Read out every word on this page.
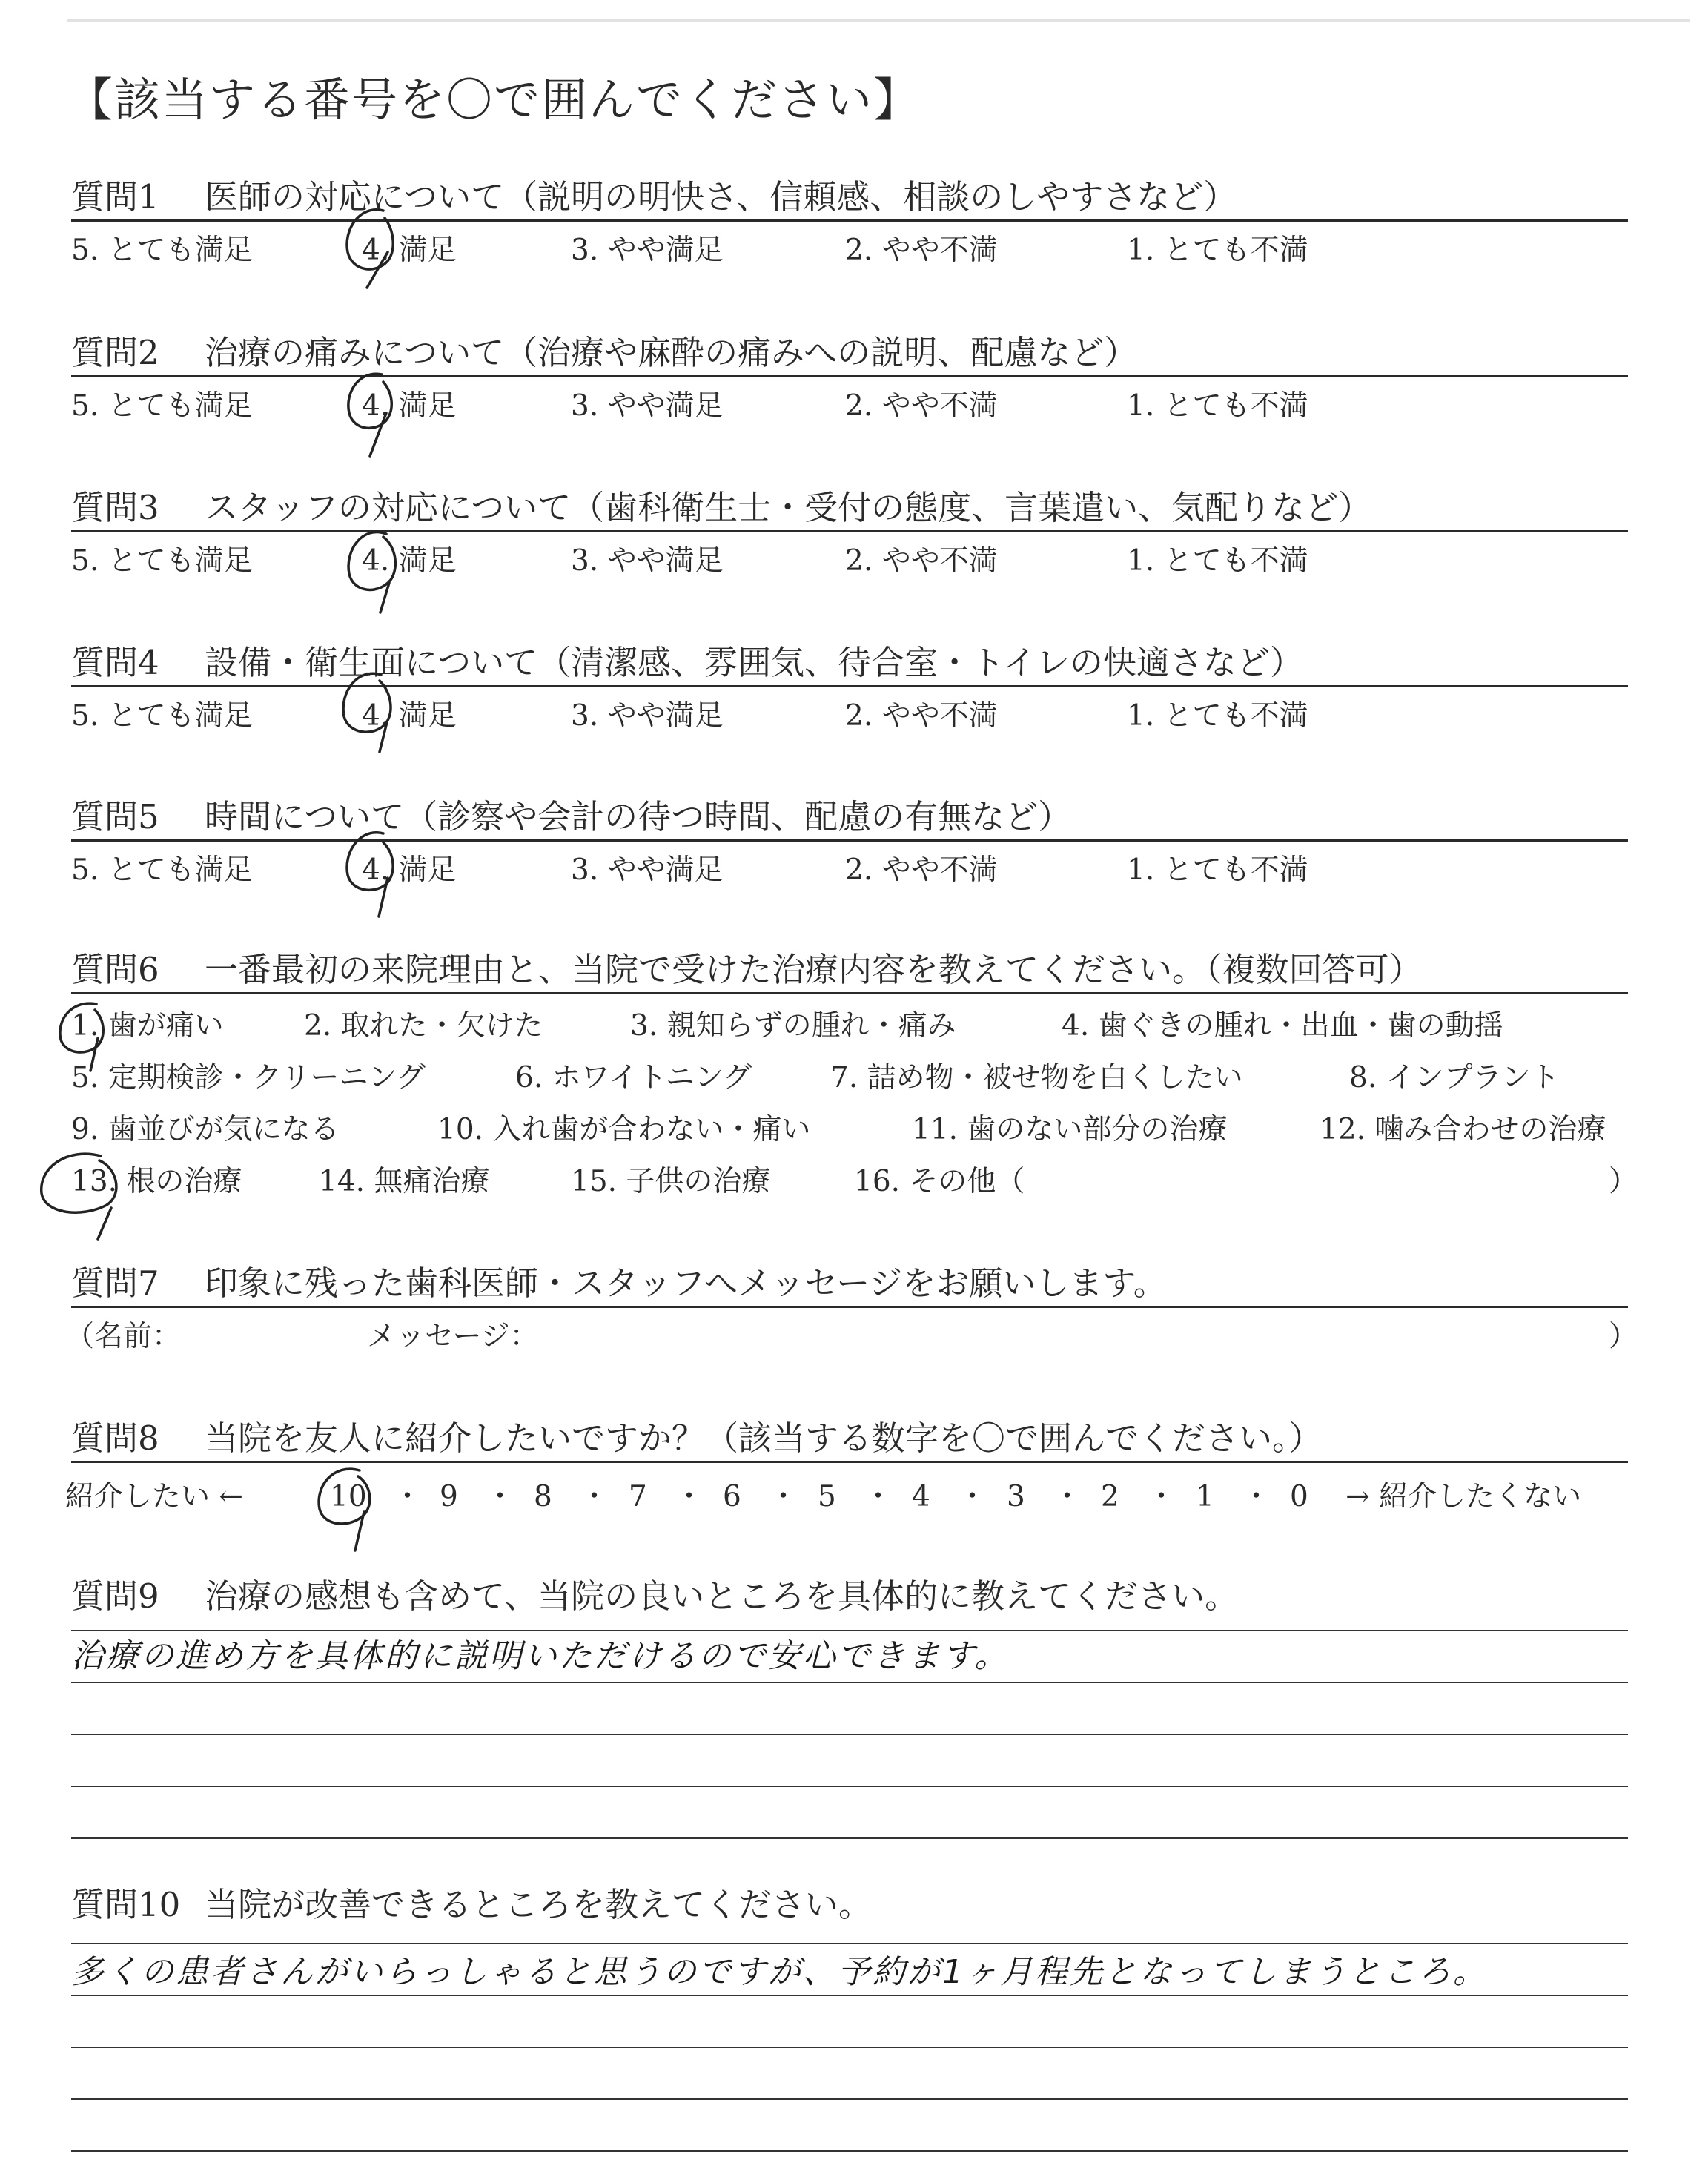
【該当する番号を〇で囲んでください】
質問1 医師の対応について（説明の明快さ、信頼感、相談のしやすさなど）
5. とても満足	4. 満足	3. やや満足	2. やや不満	1. とても不満
質問2 治療の痛みについて（治療や麻酔の痛みへの説明、配慮など）
5. とても満足	4. 満足	3. やや満足	2. やや不満	1. とても不満
質問3 スタッフの対応について（歯科衛生士・受付の態度、言葉遣い、気配りなど）
5. とても満足	4. 満足	3. やや満足	2. やや不満	1. とても不満
質問4 設備・衛生面について（清潔感、雰囲気、待合室・トイレの快適さなど）
5. とても満足	4. 満足	3. やや満足	2. やや不満	1. とても不満
質問5 時間について（診察や会計の待つ時間、配慮の有無など）
5. とても満足	4. 満足	3. やや満足	2. やや不満	1. とても不満
質問6 一番最初の来院理由と、当院で受けた治療内容を教えてください。（複数回答可）
1. 歯が痛い	2. 取れた・欠けた	3. 親知らずの腫れ・痛み	4. 歯ぐきの腫れ・出血・歯の動揺
5. 定期検診・クリーニング	6. ホワイトニング	7. 詰め物・被せ物を白くしたい	8. インプラント
9. 歯並びが気になる	10. 入れ歯が合わない・痛い	11. 歯のない部分の治療	12. 噛み合わせの治療
13. 根の治療	14. 無痛治療	15. 子供の治療	16. その他（	）
質問7 印象に残った歯科医師・スタッフへメッセージをお願いします。
（名前：	メッセージ：	）
質問8 当院を友人に紹介したいですか？（該当する数字を〇で囲んでください。）
紹介したい ←	10 ・ 9 ・ 8 ・ 7 ・ 6 ・ 5 ・ 4 ・ 3 ・ 2 ・ 1 ・ 0 → 紹介したくない
質問9 治療の感想も含めて、当院の良いところを具体的に教えてください。
治療の進め方を具体的に説明いただけるので安心できます。
質問10 当院が改善できるところを教えてください。
多くの患者さんがいらっしゃると思うのですが、予約が1ヶ月程先となってしまうところ。
